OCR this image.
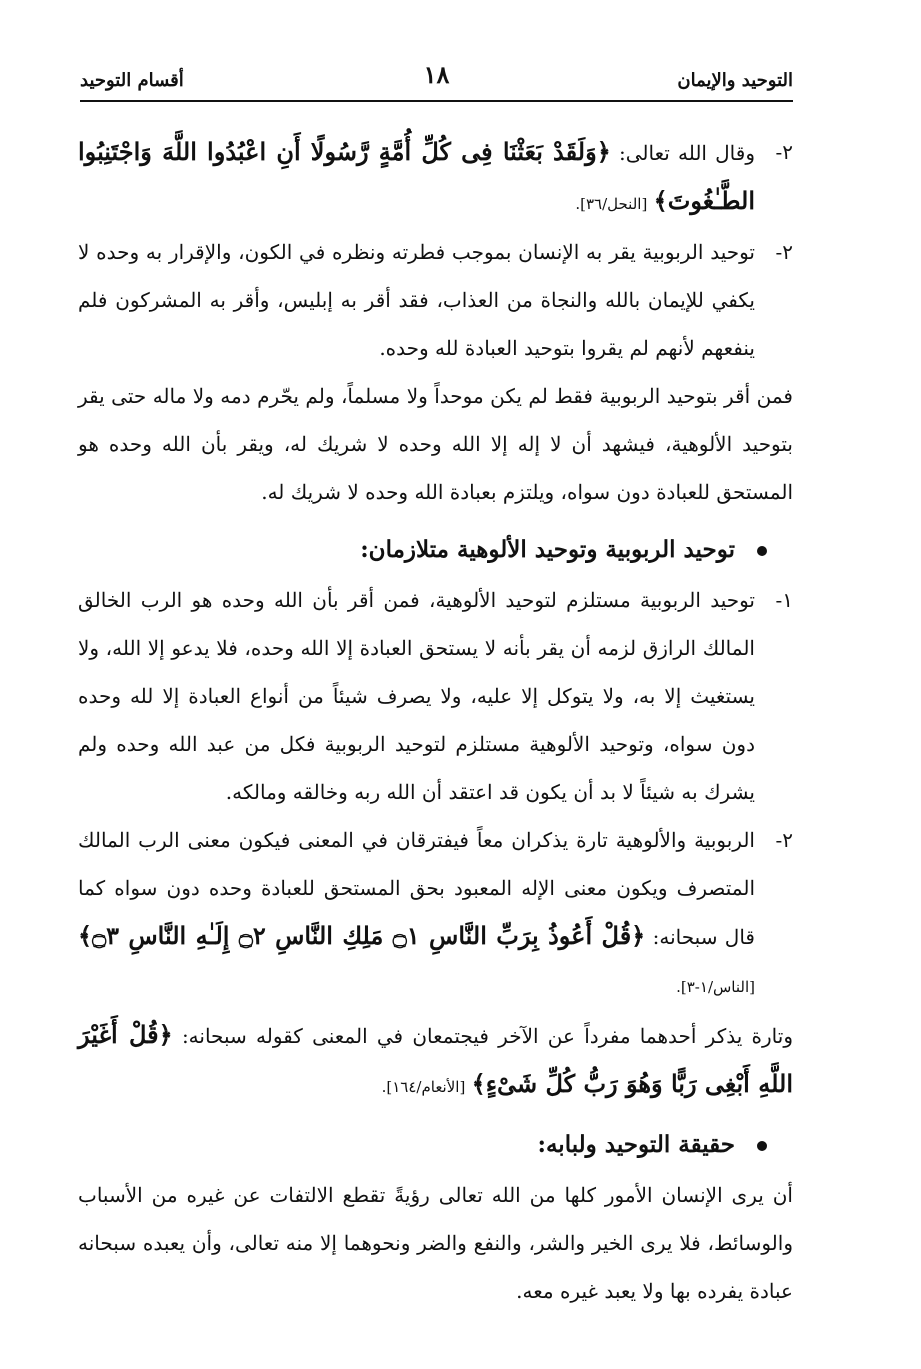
التوحيد والإيمان
١٨
أقسام التوحيد

٢-
وقال الله تعالى: ﴿وَلَقَدْ بَعَثْنَا فِى كُلِّ أُمَّةٍ رَّسُولًا أَنِ اعْبُدُوا اللَّهَ وَاجْتَنِبُوا الطَّـٰغُوتَ﴾ [النحل/٣٦].

٢-
توحيد الربوبية يقر به الإنسان بموجب فطرته ونظره في الكون، والإقرار به وحده لا يكفي للإيمان بالله والنجاة من العذاب، فقد أقر به إبليس، وأقر به المشركون فلم ينفعهم لأنهم لم يقروا بتوحيد العبادة لله وحده.

فمن أقر بتوحيد الربوبية فقط لم يكن موحداً ولا مسلماً، ولم يحّرم دمه ولا ماله حتى يقر بتوحيد الألوهية، فيشهد أن لا إله إلا الله وحده لا شريك له، ويقر بأن الله وحده هو المستحق للعبادة دون سواه، ويلتزم بعبادة الله وحده لا شريك له.

توحيد الربوبية وتوحيد الألوهية متلازمان:

١-
توحيد الربوبية مستلزم لتوحيد الألوهية، فمن أقر بأن الله وحده هو الرب الخالق المالك الرازق لزمه أن يقر بأنه لا يستحق العبادة إلا الله وحده، فلا يدعو إلا الله، ولا يستغيث إلا به، ولا يتوكل إلا عليه، ولا يصرف شيئاً من أنواع العبادة إلا لله وحده دون سواه، وتوحيد الألوهية مستلزم لتوحيد الربوبية فكل من عبد الله وحده ولم يشرك به شيئاً لا بد أن يكون قد اعتقد أن الله ربه وخالقه ومالكه.

٢-
الربوبية والألوهية تارة يذكران معاً فيفترقان في المعنى فيكون معنى الرب المالك المتصرف ويكون معنى الإله المعبود بحق المستحق للعبادة وحده دون سواه كما قال سبحانه: ﴿قُلْ أَعُوذُ بِرَبِّ النَّاسِ ۝١ مَلِكِ النَّاسِ ۝٢ إِلَـٰهِ النَّاسِ ۝٣﴾ [الناس/١-٣].

وتارة يذكر أحدهما مفرداً عن الآخر فيجتمعان في المعنى كقوله سبحانه: ﴿قُلْ أَغَيْرَ اللَّهِ أَبْغِى رَبًّا وَهُوَ رَبُّ كُلِّ شَىْءٍ﴾ [الأنعام/١٦٤].

حقيقة التوحيد ولبابه:

أن يرى الإنسان الأمور كلها من الله تعالى رؤيةً تقطع الالتفات عن غيره من الأسباب والوسائط، فلا يرى الخير والشر، والنفع والضر ونحوهما إلا منه تعالى، وأن يعبده سبحانه عبادة يفرده بها ولا يعبد غيره معه.
